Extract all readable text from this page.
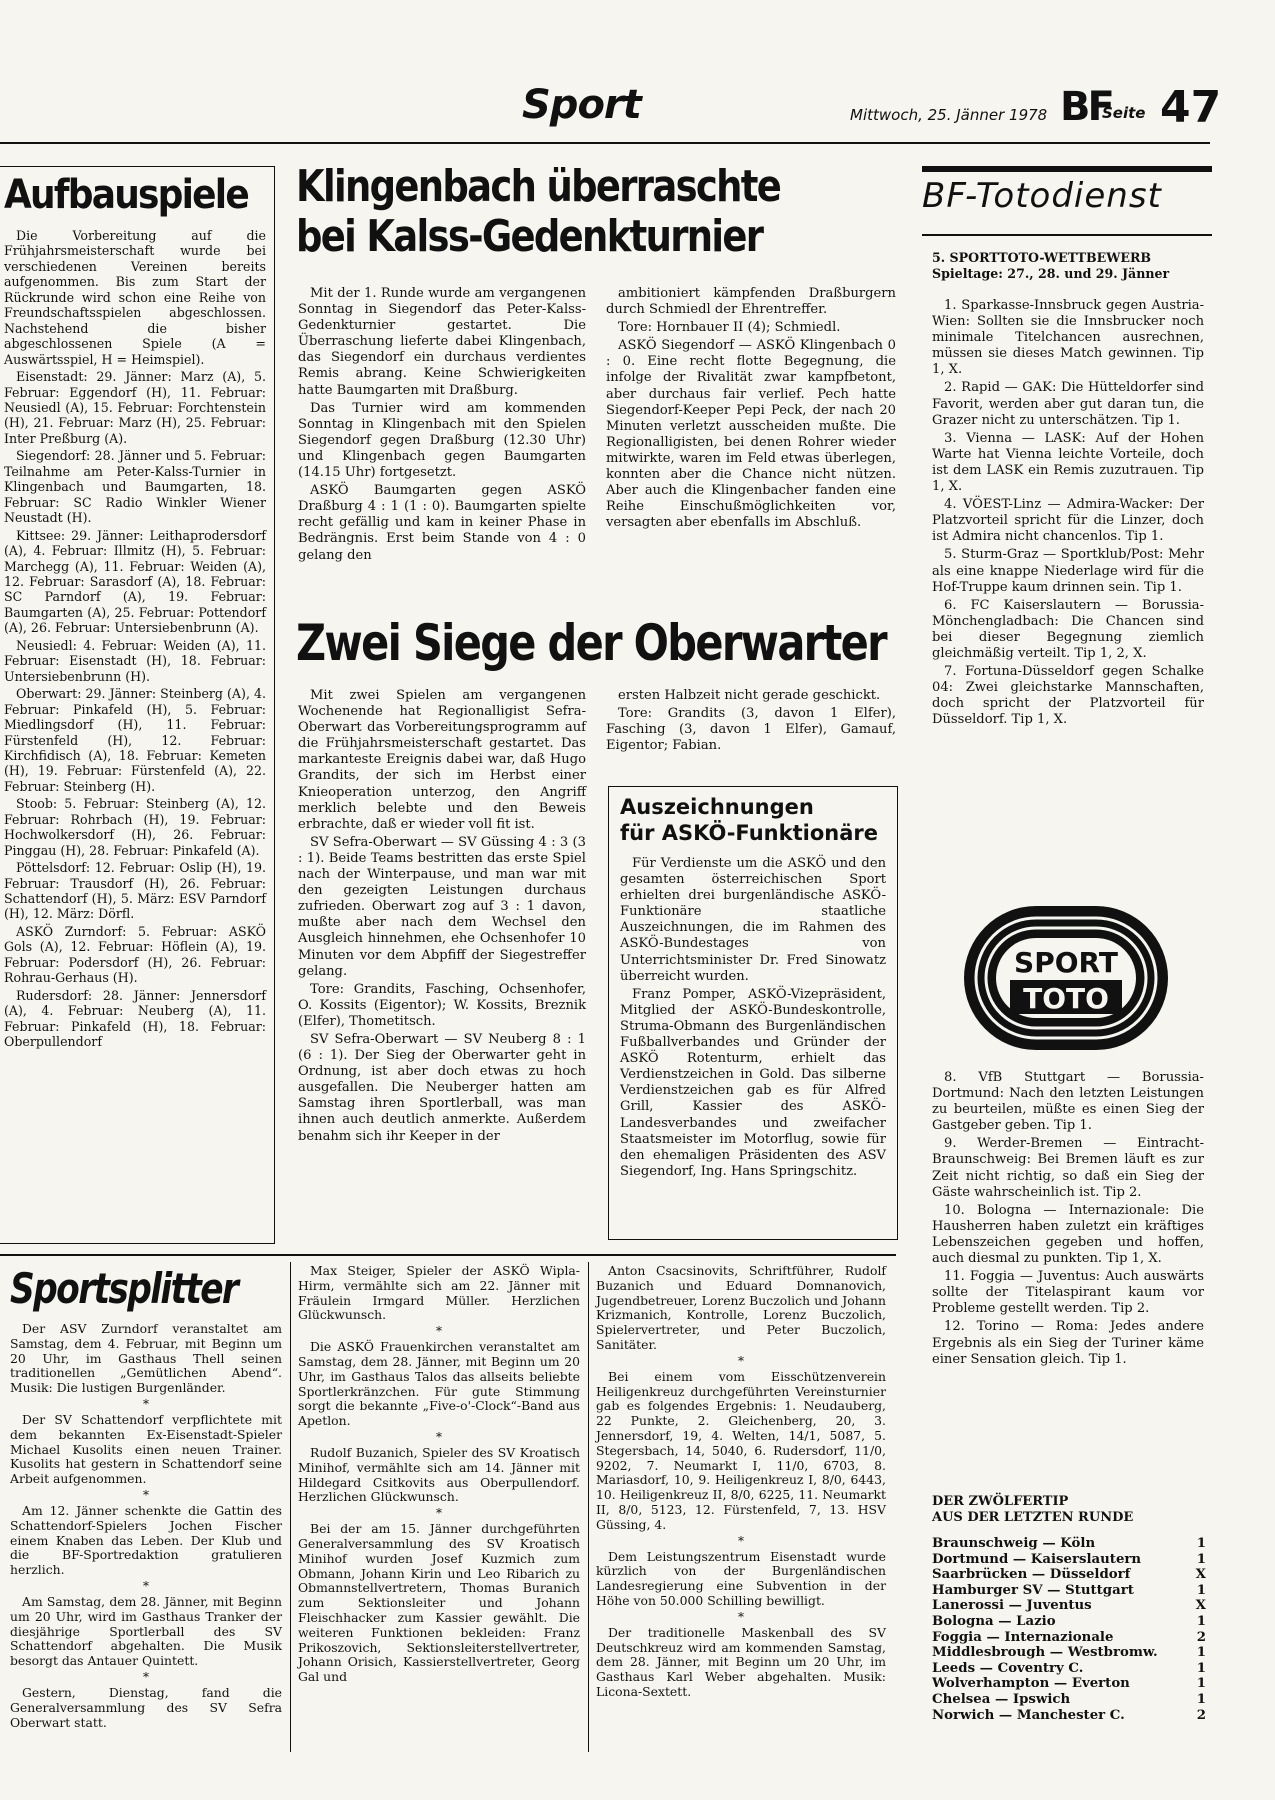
Sport	Mittwoch, 25. Jänner 1978 BF
Seite 47
Aufbauspiele

Die Vorbereitung auf die Frühjahrsmeisterschaft wurde bei verschiedenen Vereinen bereits aufgenommen. Bis zum Start der Rückrunde wird schon eine Reihe von Freundschaftsspielen abgeschlossen. Nachstehend die bisher abgeschlossenen Spiele (A = Auswärtsspiel, H = Heimspiel).

Eisenstadt: 29. Jänner: Marz (A), 5. Februar: Eggendorf (H), 11. Februar: Neusiedl (A), 15. Februar: Forchtenstein (H), 21. Februar: Marz (H), 25. Februar: Inter Preßburg (A).

Siegendorf: 28. Jänner und 5. Februar: Teilnahme am Peter-Kalss-Turnier in Klingenbach und Baumgarten, 18. Februar: SC Radio Winkler Wiener Neustadt (H).

Kittsee: 29. Jänner: Leithaprodersdorf (A), 4. Februar: Illmitz (H), 5. Februar: Marchegg (A), 11. Februar: Weiden (A), 12. Februar: Sarasdorf (A), 18. Februar: SC Parndorf (A), 19. Februar: Baumgarten (A), 25. Februar: Pottendorf (A), 26. Februar: Untersiebenbrunn (A).

Neusiedl: 4. Februar: Weiden (A), 11. Februar: Eisenstadt (H), 18. Februar: Untersiebenbrunn (H).

Oberwart: 29. Jänner: Steinberg (A), 4. Februar: Pinkafeld (H), 5. Februar: Miedlingsdorf (H), 11. Februar: Fürstenfeld (H), 12. Februar: Kirchfidisch (A), 18. Februar: Kemeten (H), 19. Februar: Fürstenfeld (A), 22. Februar: Steinberg (H).

Stoob: 5. Februar: Steinberg (A), 12. Februar: Rohrbach (H), 19. Februar: Hochwolkersdorf (H), 26. Februar: Pinggau (H), 28. Februar: Pinkafeld (A).

Pöttelsdorf: 12. Februar: Oslip (H), 19. Februar: Trausdorf (H), 26. Februar: Schattendorf (H), 5. März: ESV Parndorf (H), 12. März: Dörfl.

ASKÖ Zurndorf: 5. Februar: ASKÖ Gols (A), 12. Februar: Höflein (A), 19. Februar: Podersdorf (H), 26. Februar: Rohrau-Gerhaus (H).

Rudersdorf: 28. Jänner: Jennersdorf (A), 4. Februar: Neuberg (A), 11. Februar: Pinkafeld (H), 18. Februar: Oberpullendorf

Klingenbach überraschte
bei Kalss-Gedenkturnier

Mit der 1. Runde wurde am vergangenen Sonntag in Siegendorf das Peter-Kalss-Gedenkturnier gestartet. Die Überraschung lieferte dabei Klingenbach, das Siegendorf ein durchaus verdientes Remis abrang. Keine Schwierigkeiten hatte Baumgarten mit Draßburg.

Das Turnier wird am kommenden Sonntag in Klingenbach mit den Spielen Siegendorf gegen Draßburg (12.30 Uhr) und Klingenbach gegen Baumgarten (14.15 Uhr) fortgesetzt.

ASKÖ Baumgarten gegen ASKÖ Draßburg 4 : 1 (1 : 0). Baumgarten spielte recht gefällig und kam in keiner Phase in Bedrängnis. Erst beim Stande von 4 : 0 gelang den

ambitioniert kämpfenden Draßburgern durch Schmiedl der Ehrentreffer.

Tore: Hornbauer II (4); Schmiedl.

ASKÖ Siegendorf — ASKÖ Klingenbach 0 : 0. Eine recht flotte Begegnung, die infolge der Rivalität zwar kampfbetont, aber durchaus fair verlief. Pech hatte Siegendorf-Keeper Pepi Peck, der nach 20 Minuten verletzt ausscheiden mußte. Die Regionalligisten, bei denen Rohrer wieder mitwirkte, waren im Feld etwas überlegen, konnten aber die Chance nicht nützen. Aber auch die Klingenbacher fanden eine Reihe Einschußmöglichkeiten vor, versagten aber ebenfalls im Abschluß.

Zwei Siege der Oberwarter

Mit zwei Spielen am vergangenen Wochenende hat Regionalligist Sefra-Oberwart das Vorbereitungsprogramm auf die Frühjahrsmeisterschaft gestartet. Das markanteste Ereignis dabei war, daß Hugo Grandits, der sich im Herbst einer Knieoperation unterzog, den Angriff merklich belebte und den Beweis erbrachte, daß er wieder voll fit ist.

SV Sefra-Oberwart — SV Güssing 4 : 3 (3 : 1). Beide Teams bestritten das erste Spiel nach der Winterpause, und man war mit den gezeigten Leistungen durchaus zufrieden. Oberwart zog auf 3 : 1 davon, mußte aber nach dem Wechsel den Ausgleich hinnehmen, ehe Ochsenhofer 10 Minuten vor dem Abpfiff der Siegestreffer gelang.

Tore: Grandits, Fasching, Ochsenhofer, O. Kossits (Eigentor); W. Kossits, Breznik (Elfer), Thometitsch.

SV Sefra-Oberwart — SV Neuberg 8 : 1 (6 : 1). Der Sieg der Oberwarter geht in Ordnung, ist aber doch etwas zu hoch ausgefallen. Die Neuberger hatten am Samstag ihren Sportlerball, was man ihnen auch deutlich anmerkte. Außerdem benahm sich ihr Keeper in der

ersten Halbzeit nicht gerade geschickt.

Tore: Grandits (3, davon 1 Elfer), Fasching (3, davon 1 Elfer), Gamauf, Eigentor; Fabian.

Auszeichnungen
für ASKÖ-Funktionäre

Für Verdienste um die ASKÖ und den gesamten österreichischen Sport erhielten drei burgenländische ASKÖ-Funktionäre staatliche Auszeichnungen, die im Rahmen des ASKÖ-Bundestages von Unterrichtsminister Dr. Fred Sinowatz überreicht wurden.

Franz Pomper, ASKÖ-Vizepräsident, Mitglied der ASKÖ-Bundeskontrolle, Struma-Obmann des Burgenländischen Fußballverbandes und Gründer der ASKÖ Rotenturm, erhielt das Verdienstzeichen in Gold. Das silberne Verdienstzeichen gab es für Alfred Grill, Kassier des ASKÖ-Landesverbandes und zweifacher Staatsmeister im Motorflug, sowie für den ehemaligen Präsidenten des ASV Siegendorf, Ing. Hans Springschitz.

BF-Totodienst
5. SPORTTOTO-WETTBEWERB
Spieltage: 27., 28. und 29. Jänner

1. Sparkasse-Innsbruck gegen Austria-Wien: Sollten sie die Innsbrucker noch minimale Titelchancen ausrechnen, müssen sie dieses Match gewinnen. Tip 1, X.

2. Rapid — GAK: Die Hütteldorfer sind Favorit, werden aber gut daran tun, die Grazer nicht zu unterschätzen. Tip 1.

3. Vienna — LASK: Auf der Hohen Warte hat Vienna leichte Vorteile, doch ist dem LASK ein Remis zuzutrauen. Tip 1, X.

4. VÖEST-Linz — Admira-Wacker: Der Platzvorteil spricht für die Linzer, doch ist Admira nicht chancenlos. Tip 1.

5. Sturm-Graz — Sportklub/Post: Mehr als eine knappe Niederlage wird für die Hof-Truppe kaum drinnen sein. Tip 1.

6. FC Kaiserslautern — Borussia-Mönchengladbach: Die Chancen sind bei dieser Begegnung ziemlich gleichmäßig verteilt. Tip 1, 2, X.

7. Fortuna-Düsseldorf gegen Schalke 04: Zwei gleichstarke Mannschaften, doch spricht der Platzvorteil für Düsseldorf. Tip 1, X.

SPORT
TOTO

8. VfB Stuttgart — Borussia-Dortmund: Nach den letzten Leistungen zu beurteilen, müßte es einen Sieg der Gastgeber geben. Tip 1.

9. Werder-Bremen — Eintracht-Braunschweig: Bei Bremen läuft es zur Zeit nicht richtig, so daß ein Sieg der Gäste wahrscheinlich ist. Tip 2.

10. Bologna — Internazionale: Die Hausherren haben zuletzt ein kräftiges Lebenszeichen gegeben und hoffen, auch diesmal zu punkten. Tip 1, X.

11. Foggia — Juventus: Auch auswärts sollte der Titelaspirant kaum vor Probleme gestellt werden. Tip 2.

12. Torino — Roma: Jedes andere Ergebnis als ein Sieg der Turiner käme einer Sensation gleich. Tip 1.

DER ZWÖLFERTIP
AUS DER LETZTEN RUNDE
Braunschweig — Köln	1
Dortmund — Kaiserslautern	1
Saarbrücken — Düsseldorf	X
Hamburger SV — Stuttgart	1
Lanerossi — Juventus	X
Bologna — Lazio	1
Foggia — Internazionale	2
Middlesbrough — Westbromw.	1
Leeds — Coventry C.	1
Wolverhampton — Everton	1
Chelsea — Ipswich	1
Norwich — Manchester C.	2
Sportsplitter

Der ASV Zurndorf veranstaltet am Samstag, dem 4. Februar, mit Beginn um 20 Uhr, im Gasthaus Thell seinen traditionellen „Gemütlichen Abend“. Musik: Die lustigen Burgenländer.

*

Der SV Schattendorf verpflichtete mit dem bekannten Ex-Eisenstadt-Spieler Michael Kusolits einen neuen Trainer. Kusolits hat gestern in Schattendorf seine Arbeit aufgenommen.

*

Am 12. Jänner schenkte die Gattin des Schattendorf-Spielers Jochen Fischer einem Knaben das Leben. Der Klub und die BF-Sportredaktion gratulieren herzlich.

*

Am Samstag, dem 28. Jänner, mit Beginn um 20 Uhr, wird im Gasthaus Tranker der diesjährige Sportlerball des SV Schattendorf abgehalten. Die Musik besorgt das Antauer Quintett.

*

Gestern, Dienstag, fand die Generalversammlung des SV Sefra Oberwart statt.

Max Steiger, Spieler der ASKÖ Wipla-Hirm, vermählte sich am 22. Jänner mit Fräulein Irmgard Müller. Herzlichen Glückwunsch.

*

Die ASKÖ Frauenkirchen veranstaltet am Samstag, dem 28. Jänner, mit Beginn um 20 Uhr, im Gasthaus Talos das allseits beliebte Sportlerkränzchen. Für gute Stimmung sorgt die bekannte „Five-o'-Clock“-Band aus Apetlon.

*

Rudolf Buzanich, Spieler des SV Kroatisch Minihof, vermählte sich am 14. Jänner mit Hildegard Csitkovits aus Oberpullendorf. Herzlichen Glückwunsch.

*

Bei der am 15. Jänner durchgeführten Generalversammlung des SV Kroatisch Minihof wurden Josef Kuzmich zum Obmann, Johann Kirin und Leo Ribarich zu Obmannstellvertretern, Thomas Buranich zum Sektionsleiter und Johann Fleischhacker zum Kassier gewählt. Die weiteren Funktionen bekleiden: Franz Prikoszovich, Sektionsleiterstellvertreter, Johann Orisich, Kassierstellvertreter, Georg Gal und

Anton Csacsinovits, Schriftführer, Rudolf Buzanich und Eduard Domnanovich, Jugendbetreuer, Lorenz Buczolich und Johann Krizmanich, Kontrolle, Lorenz Buczolich, Spielervertreter, und Peter Buczolich, Sanitäter.

*

Bei einem vom Eisschützenverein Heiligenkreuz durchgeführten Vereinsturnier gab es folgendes Ergebnis: 1. Neudauberg, 22 Punkte, 2. Gleichenberg, 20, 3. Jennersdorf, 19, 4. Welten, 14/1, 5087, 5. Stegersbach, 14, 5040, 6. Rudersdorf, 11/0, 9202, 7. Neumarkt I, 11/0, 6703, 8. Mariasdorf, 10, 9. Heiligenkreuz I, 8/0, 6443, 10. Heiligenkreuz II, 8/0, 6225, 11. Neumarkt II, 8/0, 5123, 12. Fürstenfeld, 7, 13. HSV Güssing, 4.

*

Dem Leistungszentrum Eisenstadt wurde kürzlich von der Burgenländischen Landesregierung eine Subvention in der Höhe von 50.000 Schilling bewilligt.

*

Der traditionelle Maskenball des SV Deutschkreuz wird am kommenden Samstag, dem 28. Jänner, mit Beginn um 20 Uhr, im Gasthaus Karl Weber abgehalten. Musik: Licona-Sextett.
